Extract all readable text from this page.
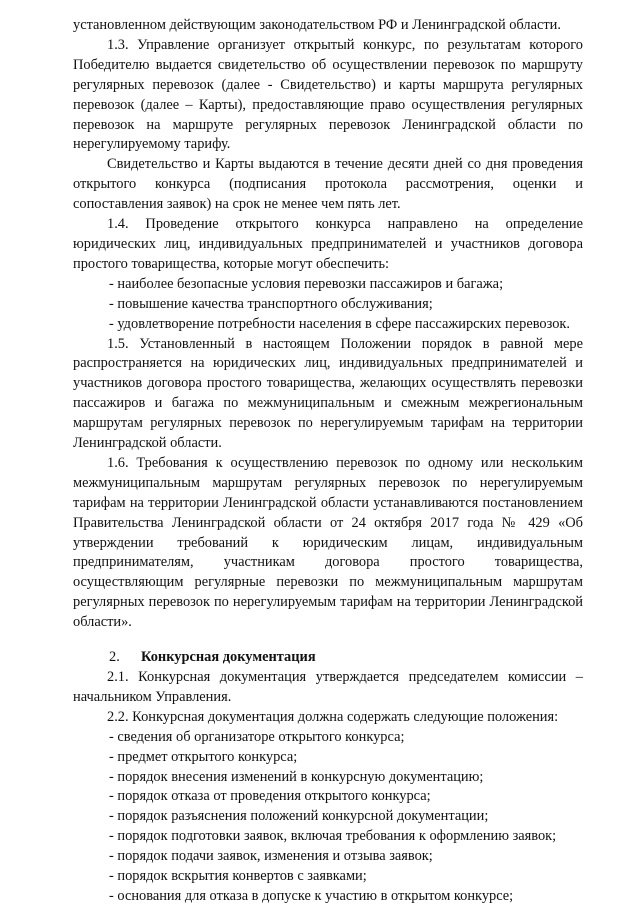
установленном действующим законодательством РФ и Ленинградской области.

1.3. Управление организует открытый конкурс, по результатам которого Победителю выдается свидетельство об осуществлении перевозок по маршруту регулярных перевозок (далее - Свидетельство) и карты маршрута регулярных перевозок (далее – Карты), предоставляющие право осуществления регулярных перевозок на маршруте регулярных перевозок Ленинградской области по нерегулируемому тарифу.

Свидетельство и Карты выдаются в течение десяти дней со дня проведения открытого конкурса (подписания протокола рассмотрения, оценки и сопоставления заявок) на срок не менее чем пять лет.

1.4. Проведение открытого конкурса направлено на определение юридических лиц, индивидуальных предпринимателей и участников договора простого товарищества, которые могут обеспечить:

- наиболее безопасные условия перевозки пассажиров и багажа;

- повышение качества транспортного обслуживания;

- удовлетворение потребности населения в сфере пассажирских перевозок.

1.5. Установленный в настоящем Положении порядок в равной мере распространяется на юридических лиц, индивидуальных предпринимателей и участников договора простого товарищества, желающих осуществлять перевозки пассажиров и багажа по межмуниципальным и смежным межрегиональным маршрутам регулярных перевозок по нерегулируемым тарифам на территории Ленинградской области.

1.6. Требования к осуществлению перевозок по одному или нескольким межмуниципальным маршрутам регулярных перевозок по нерегулируемым тарифам на территории Ленинградской области устанавливаются постановлением Правительства Ленинградской области от 24 октября 2017 года № 429 «Об утверждении требований к юридическим лицам, индивидуальным предпринимателям, участникам договора простого товарищества, осуществляющим регулярные перевозки по межмуниципальным маршрутам регулярных перевозок по нерегулируемым тарифам на территории Ленинградской области».

2. Конкурсная документация

2.1. Конкурсная документация утверждается председателем комиссии – начальником Управления.

2.2. Конкурсная документация должна содержать следующие положения:

- сведения об организаторе открытого конкурса;

- предмет открытого конкурса;

- порядок внесения изменений в конкурсную документацию;

- порядок отказа от проведения открытого конкурса;

- порядок разъяснения положений конкурсной документации;

- порядок подготовки заявок, включая требования к оформлению заявок;

- порядок подачи заявок, изменения и отзыва заявок;

- порядок вскрытия конвертов с заявками;

- основания для отказа в допуске к участию в открытом конкурсе;
